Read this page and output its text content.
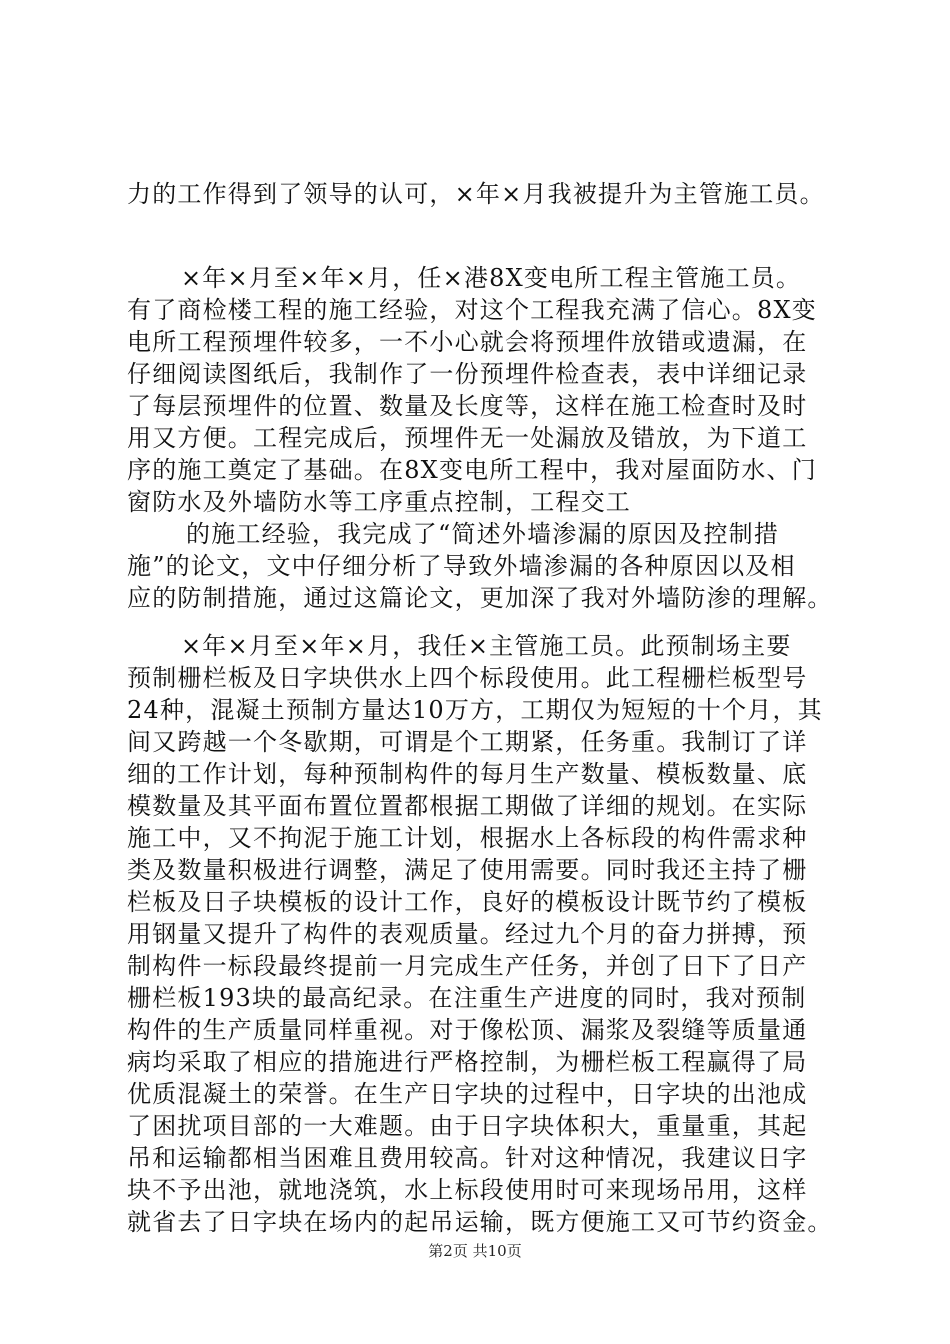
力的工作得到了领导的认可，×年×月我被提升为主管施工员。
×年×月至×年×月，任×港8X变电所工程主管施工员。
有了商检楼工程的施工经验，对这个工程我充满了信心。8X变
电所工程预埋件较多，一不小心就会将预埋件放错或遗漏，在
仔细阅读图纸后，我制作了一份预埋件检查表，表中详细记录
了每层预埋件的位置、数量及长度等，这样在施工检查时及时
用又方便。工程完成后，预埋件无一处漏放及错放，为下道工
序的施工奠定了基础。在8X变电所工程中，我对屋面防水、门
窗防水及外墙防水等工序重点控制，工程交工
的施工经验，我完成了“简述外墙渗漏的原因及控制措
施”的论文，文中仔细分析了导致外墙渗漏的各种原因以及相
应的防制措施，通过这篇论文，更加深了我对外墙防渗的理解。
×年×月至×年×月，我任×主管施工员。此预制场主要
预制栅栏板及日字块供水上四个标段使用。此工程栅栏板型号
24种，混凝土预制方量达10万方，工期仅为短短的十个月，其
间又跨越一个冬歇期，可谓是个工期紧，任务重。我制订了详
细的工作计划，每种预制构件的每月生产数量、模板数量、底
模数量及其平面布置位置都根据工期做了详细的规划。在实际
施工中，又不拘泥于施工计划，根据水上各标段的构件需求种
类及数量积极进行调整，满足了使用需要。同时我还主持了栅
栏板及日子块模板的设计工作，良好的模板设计既节约了模板
用钢量又提升了构件的表观质量。经过九个月的奋力拼搏，预
制构件一标段最终提前一月完成生产任务，并创了日下了日产
栅栏板193块的最高纪录。在注重生产进度的同时，我对预制
构件的生产质量同样重视。对于像松顶、漏浆及裂缝等质量通
病均采取了相应的措施进行严格控制，为栅栏板工程赢得了局
优质混凝土的荣誉。在生产日字块的过程中，日字块的出池成
了困扰项目部的一大难题。由于日字块体积大，重量重，其起
吊和运输都相当困难且费用较高。针对这种情况，我建议日字
块不予出池，就地浇筑，水上标段使用时可来现场吊用，这样
就省去了日字块在场内的起吊运输，既方便施工又可节约资金。
第2页 共10页
